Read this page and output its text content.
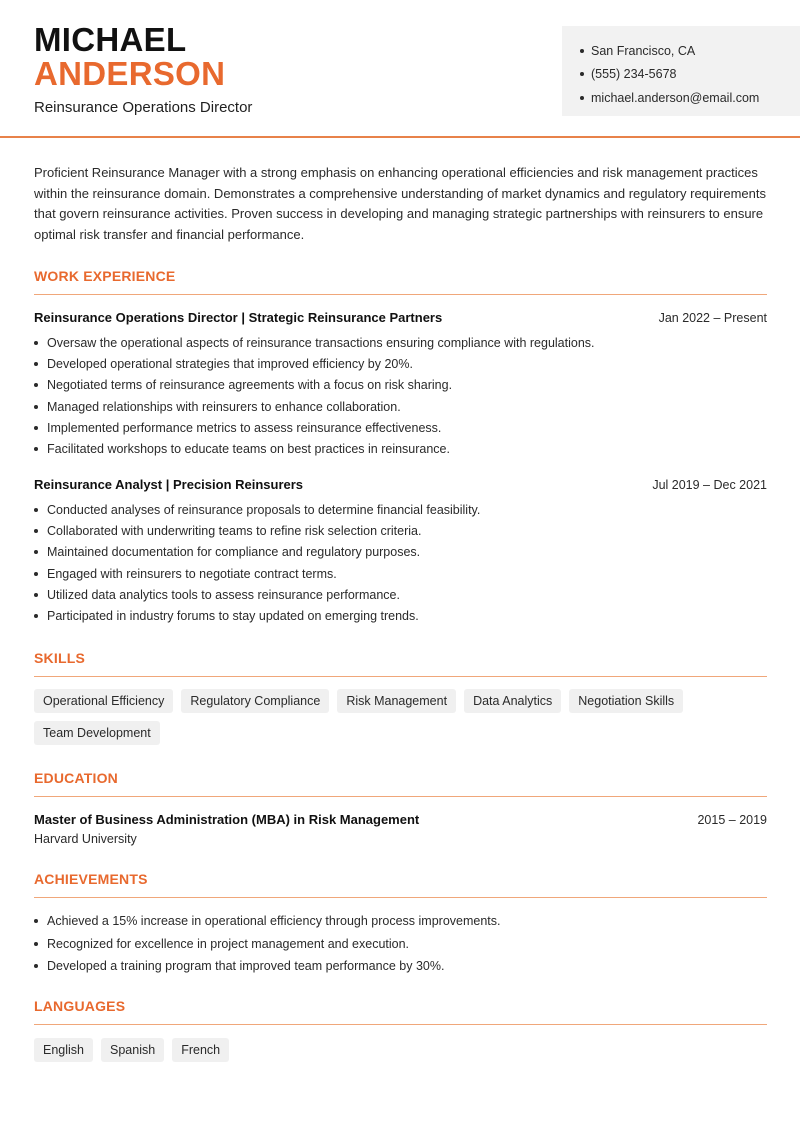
MICHAEL
ANDERSON
Reinsurance Operations Director
San Francisco, CA
(555) 234-5678
michael.anderson@email.com
Proficient Reinsurance Manager with a strong emphasis on enhancing operational efficiencies and risk management practices within the reinsurance domain. Demonstrates a comprehensive understanding of market dynamics and regulatory requirements that govern reinsurance activities. Proven success in developing and managing strategic partnerships with reinsurers to ensure optimal risk transfer and financial performance.
WORK EXPERIENCE
Reinsurance Operations Director | Strategic Reinsurance Partners	Jan 2022 – Present
Oversaw the operational aspects of reinsurance transactions ensuring compliance with regulations.
Developed operational strategies that improved efficiency by 20%.
Negotiated terms of reinsurance agreements with a focus on risk sharing.
Managed relationships with reinsurers to enhance collaboration.
Implemented performance metrics to assess reinsurance effectiveness.
Facilitated workshops to educate teams on best practices in reinsurance.
Reinsurance Analyst | Precision Reinsurers	Jul 2019 – Dec 2021
Conducted analyses of reinsurance proposals to determine financial feasibility.
Collaborated with underwriting teams to refine risk selection criteria.
Maintained documentation for compliance and regulatory purposes.
Engaged with reinsurers to negotiate contract terms.
Utilized data analytics tools to assess reinsurance performance.
Participated in industry forums to stay updated on emerging trends.
SKILLS
Operational Efficiency	Regulatory Compliance	Risk Management	Data Analytics	Negotiation Skills
Team Development
EDUCATION
Master of Business Administration (MBA) in Risk Management	2015 – 2019
Harvard University
ACHIEVEMENTS
Achieved a 15% increase in operational efficiency through process improvements.
Recognized for excellence in project management and execution.
Developed a training program that improved team performance by 30%.
LANGUAGES
English	Spanish	French
